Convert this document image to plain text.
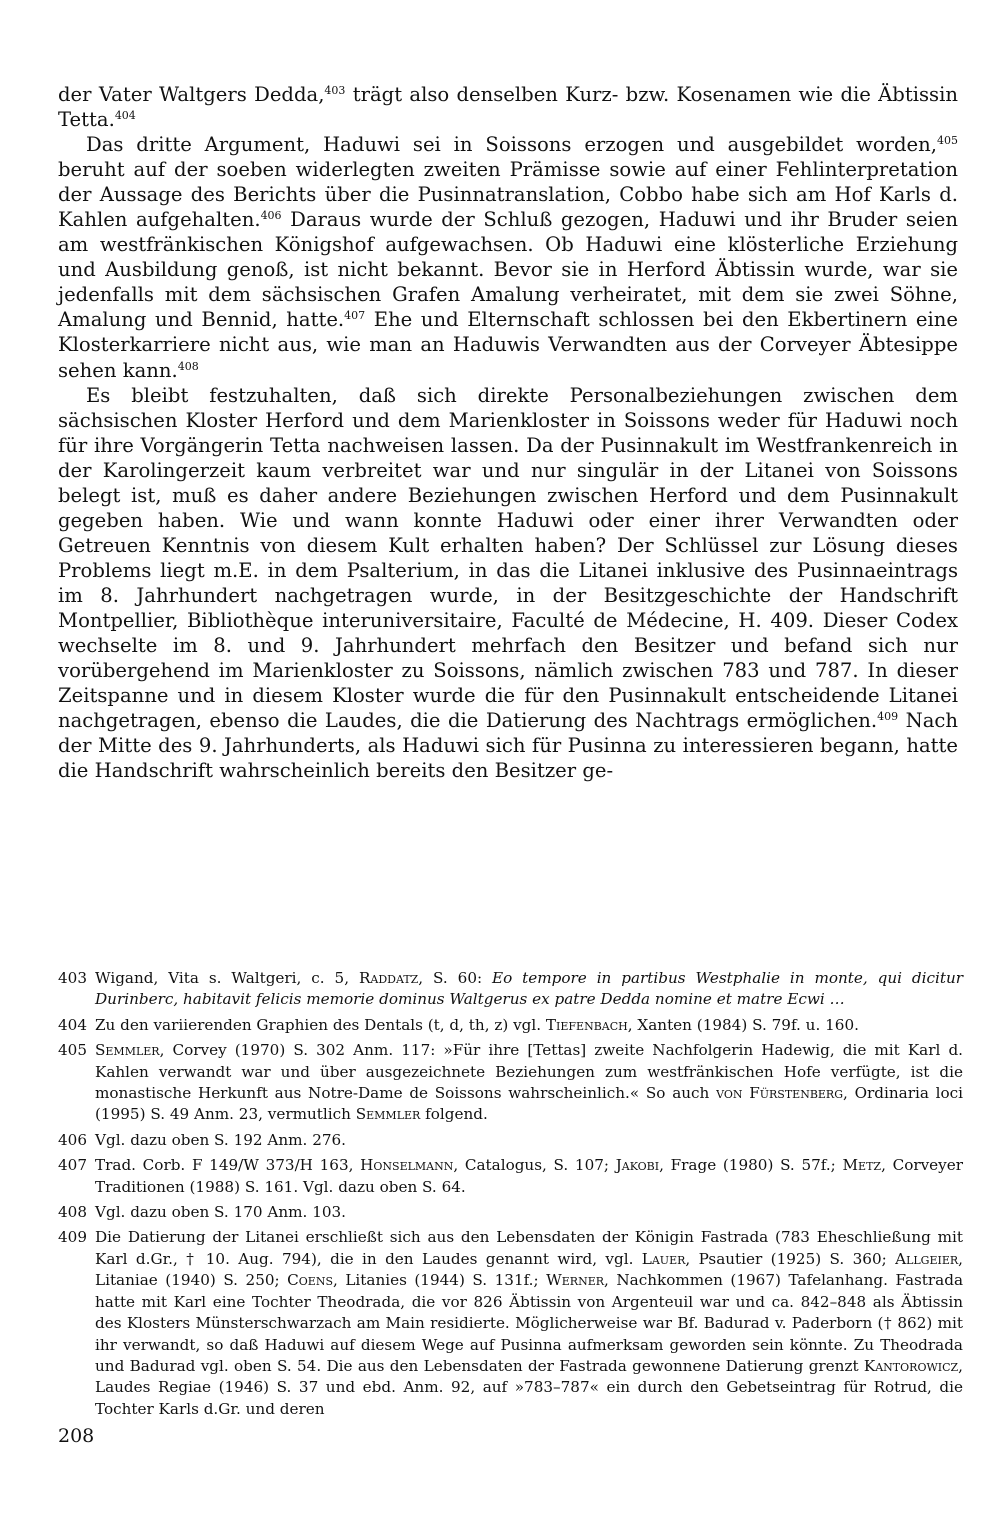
der Vater Waltgers Dedda,$^{403}$ trägt also denselben Kurz- bzw. Kosenamen wie die Äbtissin Tetta.$^{404}$

Das dritte Argument, Haduwi sei in Soissons erzogen und ausgebildet worden,$^{405}$ beruht auf der soeben widerlegten zweiten Prämisse sowie auf einer Fehlinterpretation der Aussage des Berichts über die Pusinnatranslation, Cobbo habe sich am Hof Karls d. Kahlen aufgehalten.$^{406}$ Daraus wurde der Schluß gezogen, Haduwi und ihr Bruder seien am westfränkischen Königshof aufgewachsen. Ob Haduwi eine klösterliche Erziehung und Ausbildung genoß, ist nicht bekannt. Bevor sie in Herford Äbtissin wurde, war sie jedenfalls mit dem sächsischen Grafen Amalung verheiratet, mit dem sie zwei Söhne, Amalung und Bennid, hatte.$^{407}$ Ehe und Elternschaft schlossen bei den Ekbertinern eine Klosterkarriere nicht aus, wie man an Haduwis Verwandten aus der Corveyer Äbtesippe sehen kann.$^{408}$

Es bleibt festzuhalten, daß sich direkte Personalbeziehungen zwischen dem sächsischen Kloster Herford und dem Marienkloster in Soissons weder für Haduwi noch für ihre Vorgängerin Tetta nachweisen lassen. Da der Pusinnakult im Westfrankenreich in der Karolingerzeit kaum verbreitet war und nur singulär in der Litanei von Soissons belegt ist, muß es daher andere Beziehungen zwischen Herford und dem Pusinnakult gegeben haben. Wie und wann konnte Haduwi oder einer ihrer Verwandten oder Getreuen Kenntnis von diesem Kult erhalten haben? Der Schlüssel zur Lösung dieses Problems liegt m.E. in dem Psalterium, in das die Litanei inklusive des Pusinnaeintrags im 8. Jahrhundert nachgetragen wurde, in der Besitzgeschichte der Handschrift Montpellier, Bibliothèque interuniversitaire, Faculté de Médecine, H. 409. Dieser Codex wechselte im 8. und 9. Jahrhundert mehrfach den Besitzer und befand sich nur vorübergehend im Marienkloster zu Soissons, nämlich zwischen 783 und 787. In dieser Zeitspanne und in diesem Kloster wurde die für den Pusinnakult entscheidende Litanei nachgetragen, ebenso die Laudes, die die Datierung des Nachtrags ermöglichen.$^{409}$ Nach der Mitte des 9. Jahrhunderts, als Haduwi sich für Pusinna zu interessieren begann, hatte die Handschrift wahrscheinlich bereits den Besitzer ge-

403 Wigand, Vita s. Waltgeri, c. 5, Raddatz, S. 60: Eo tempore in partibus Westphalie in monte, qui dicitur Durinberc, habitavit felicis memorie dominus Waltgerus ex patre Dedda nomine et matre Ecwi …
404 Zu den variierenden Graphien des Dentals (t, d, th, z) vgl. Tiefenbach, Xanten (1984) S. 79f. u. 160.
405 Semmler, Corvey (1970) S. 302 Anm. 117: »Für ihre [Tettas] zweite Nachfolgerin Hadewig, die mit Karl d. Kahlen verwandt war und über ausgezeichnete Beziehungen zum westfränkischen Hofe verfügte, ist die monastische Herkunft aus Notre-Dame de Soissons wahrscheinlich.« So auch von Fürstenberg, Ordinaria loci (1995) S. 49 Anm. 23, vermutlich Semmler folgend.
406 Vgl. dazu oben S. 192 Anm. 276.
407 Trad. Corb. F 149/W 373/H 163, Honselmann, Catalogus, S. 107; Jakobi, Frage (1980) S. 57f.; Metz, Corveyer Traditionen (1988) S. 161. Vgl. dazu oben S. 64.
408 Vgl. dazu oben S. 170 Anm. 103.
409 Die Datierung der Litanei erschließt sich aus den Lebensdaten der Königin Fastrada (783 Eheschließung mit Karl d.Gr., † 10. Aug. 794), die in den Laudes genannt wird, vgl. Lauer, Psautier (1925) S. 360; Allgeier, Litaniae (1940) S. 250; Coens, Litanies (1944) S. 131f.; Werner, Nachkommen (1967) Tafelanhang. Fastrada hatte mit Karl eine Tochter Theodrada, die vor 826 Äbtissin von Argenteuil war und ca. 842–848 als Äbtissin des Klosters Münsterschwarzach am Main residierte. Möglicherweise war Bf. Badurad v. Paderborn († 862) mit ihr verwandt, so daß Haduwi auf diesem Wege auf Pusinna aufmerksam geworden sein könnte. Zu Theodrada und Badurad vgl. oben S. 54. Die aus den Lebensdaten der Fastrada gewonnene Datierung grenzt Kantorowicz, Laudes Regiae (1946) S. 37 und ebd. Anm. 92, auf »783–787« ein durch den Gebetseintrag für Rotrud, die Tochter Karls d.Gr. und deren
208
